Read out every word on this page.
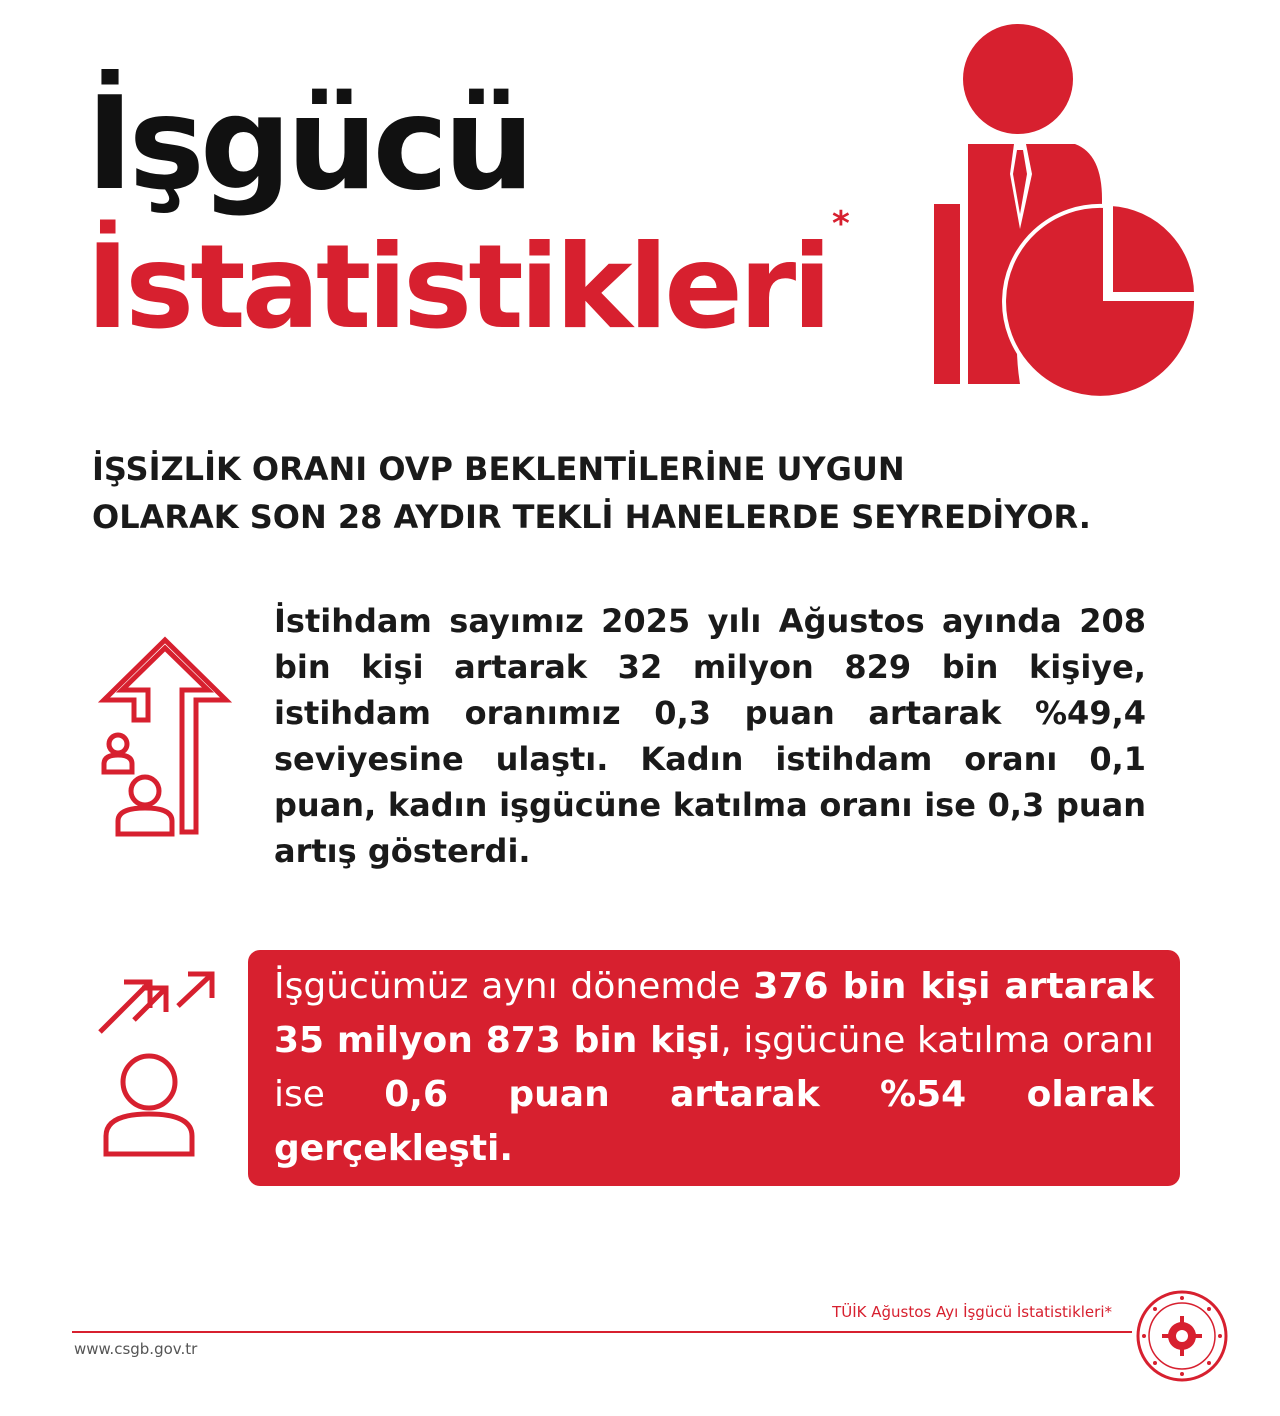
İşgücü
İstatistikleri *
İŞSİZLİK ORANI OVP BEKLENTİLERİNE UYGUN
OLARAK SON 28 AYDIR TEKLİ HANELERDE SEYREDİYOR.
İstihdam sayımız 2025 yılı Ağustos ayında 208 bin kişi artarak 32 milyon 829 bin kişiye, istihdam oranımız 0,3 puan artarak %49,4 seviyesine ulaştı. Kadın istihdam oranı 0,1 puan, kadın işgücüne katılma oranı ise 0,3 puan artış gösterdi.
İşgücümüz aynı dönemde 376 bin kişi artarak 35 milyon 873 bin kişi, işgücüne katılma oranı ise 0,6 puan artarak %54 olarak gerçekleşti.
TÜİK Ağustos Ayı İşgücü İstatistikleri*
www.csgb.gov.tr
